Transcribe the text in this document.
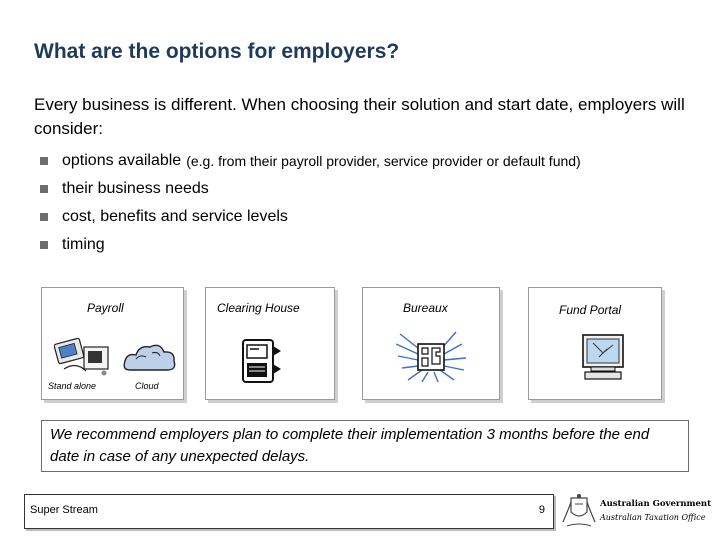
What are the options for employers?
Every business is different. When choosing their solution and start date, employers will consider:
options available (e.g. from their payroll provider, service provider or default fund)
their business needs
cost, benefits and service levels
timing
Payroll
Stand alone	Cloud
Clearing House	Bureaux	Fund Portal
We recommend employers plan to complete their implementation 3 months before the end date in case of any unexpected delays.
Super Stream	9	Australian Government
Australian Taxation Office
